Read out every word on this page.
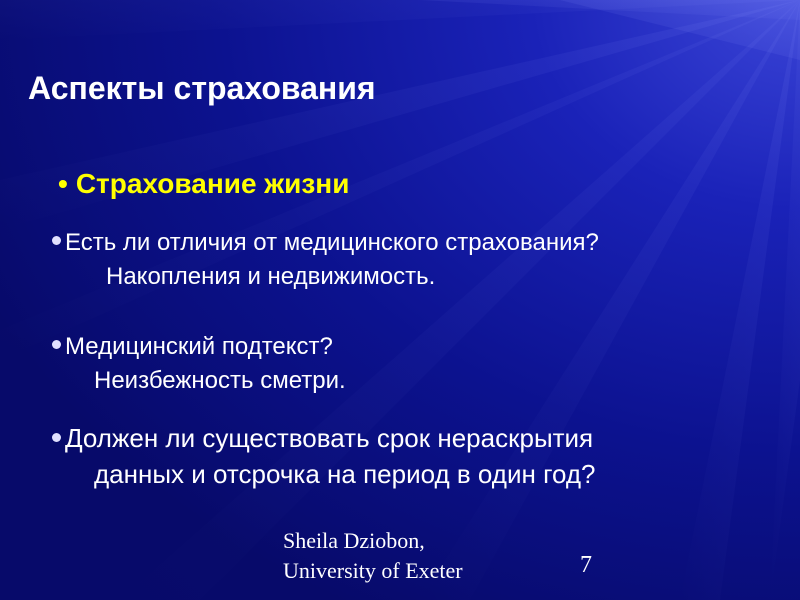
Аспекты страхования
• Страхование жизни
Есть ли отличия от медицинского страхования?
Накопления и недвижимость.
Медицинский подтекст?
Неизбежность сметри.
Должен ли существовать срок нераскрытия
данных и отсрочка на период в один год?
Sheila Dziobon,
University of Exeter	7
